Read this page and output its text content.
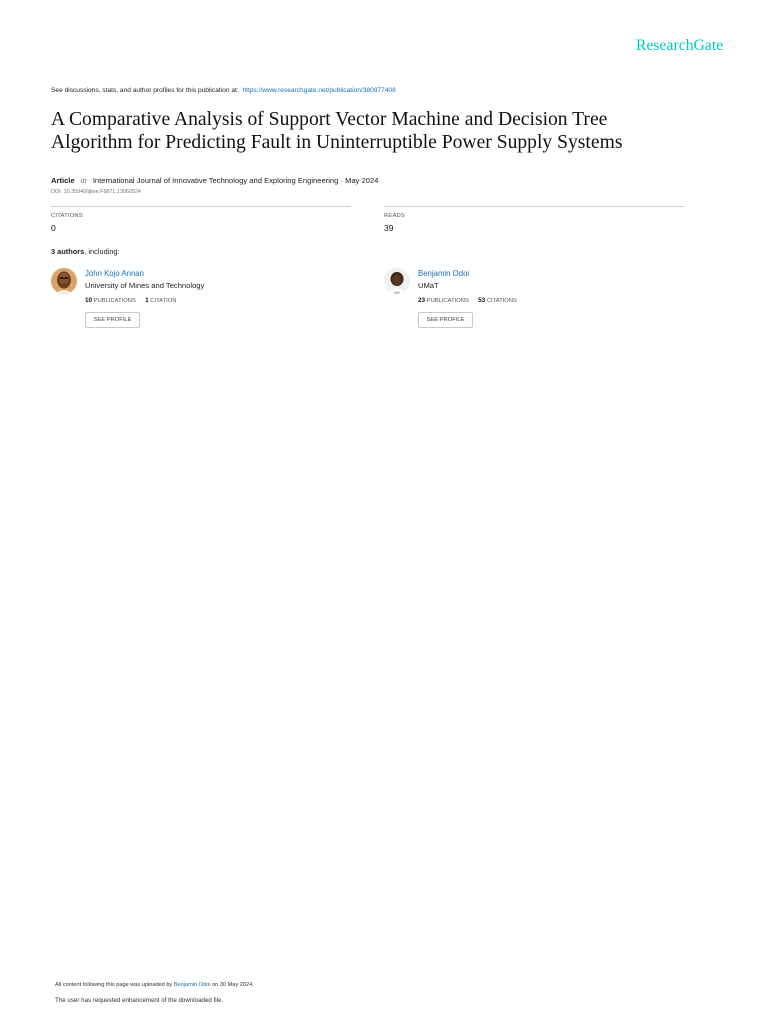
ResearchGate
See discussions, stats, and author profiles for this publication at: https://www.researchgate.net/publication/380977408
A Comparative Analysis of Support Vector Machine and Decision Tree
Algorithm for Predicting Fault in Uninterruptible Power Supply Systems
Article in International Journal of Innovative Technology and Exploring Engineering · May 2024
DOI: 10.35940/ijitee.F9871.13060524
CITATIONS
0
READS
39
3 authors, including:
John Kojo Annan
University of Mines and Technology
10 PUBLICATIONS 1 CITATION
SEE PROFILE
Benjamin Odoi
UMaT
23 PUBLICATIONS 53 CITATIONS
SEE PROFILE
All content following this page was uploaded by Benjamin Odoi on 30 May 2024.
The user has requested enhancement of the downloaded file.
